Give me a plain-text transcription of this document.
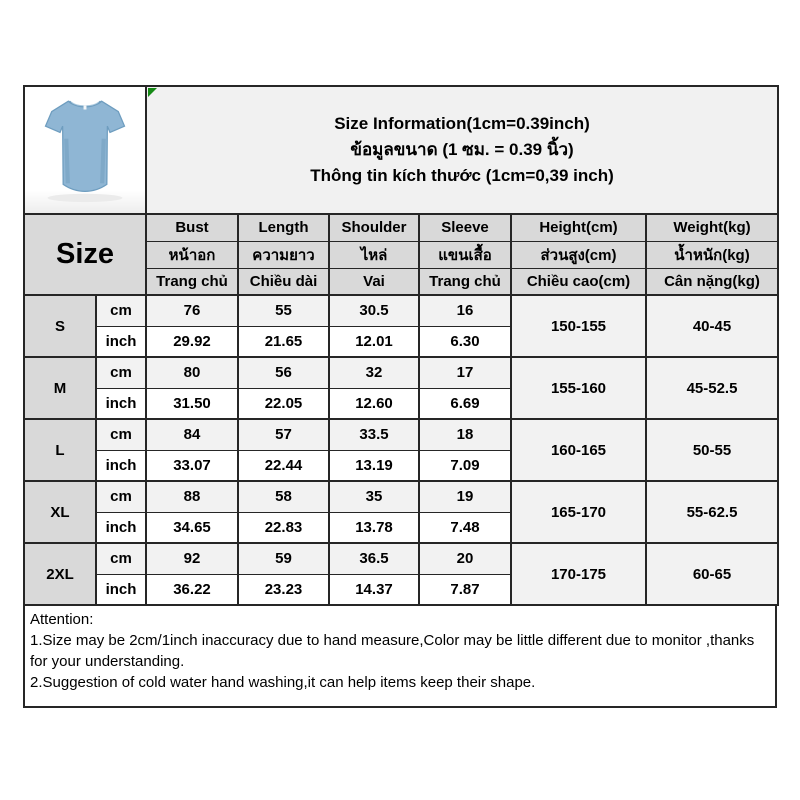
Size Information(1cm=0.39inch)
ข้อมูลขนาด (1 ซม. = 0.39 นิ้ว)
Thông tin kích thước (1cm=0,39 inch)					

Size		Bust	Length	Shoulder	Sleeve	Height(cm)	Weight(kg)
		หน้าอก	ความยาว	ไหล่	แขนเสื้อ	ส่วนสูง(cm)	น้ำหนัก(kg)
		Trang chủ	Chiều dài	Vai	Trang chủ	Chiều cao(cm)	Cân nặng(kg)
S	cm	76	55	30.5	16	150-155	40-45
	inch	29.92	21.65	12.01	6.30		
M	cm	80	56	32	17	155-160	45-52.5
	inch	31.50	22.05	12.60	6.69		
L	cm	84	57	33.5	18	160-165	50-55
	inch	33.07	22.44	13.19	7.09		
XL	cm	88	58	35	19	165-170	55-62.5
	inch	34.65	22.83	13.78	7.48		
2XL	cm	92	59	36.5	20	170-175	60-65
	inch	36.22	23.23	14.37	7.87		
Attention:
1.Size may be 2cm/1inch inaccuracy due to hand measure,Color may be little different due to monitor ,thanks for your understanding.
2.Suggestion of cold water hand washing,it can help items keep their shape.
